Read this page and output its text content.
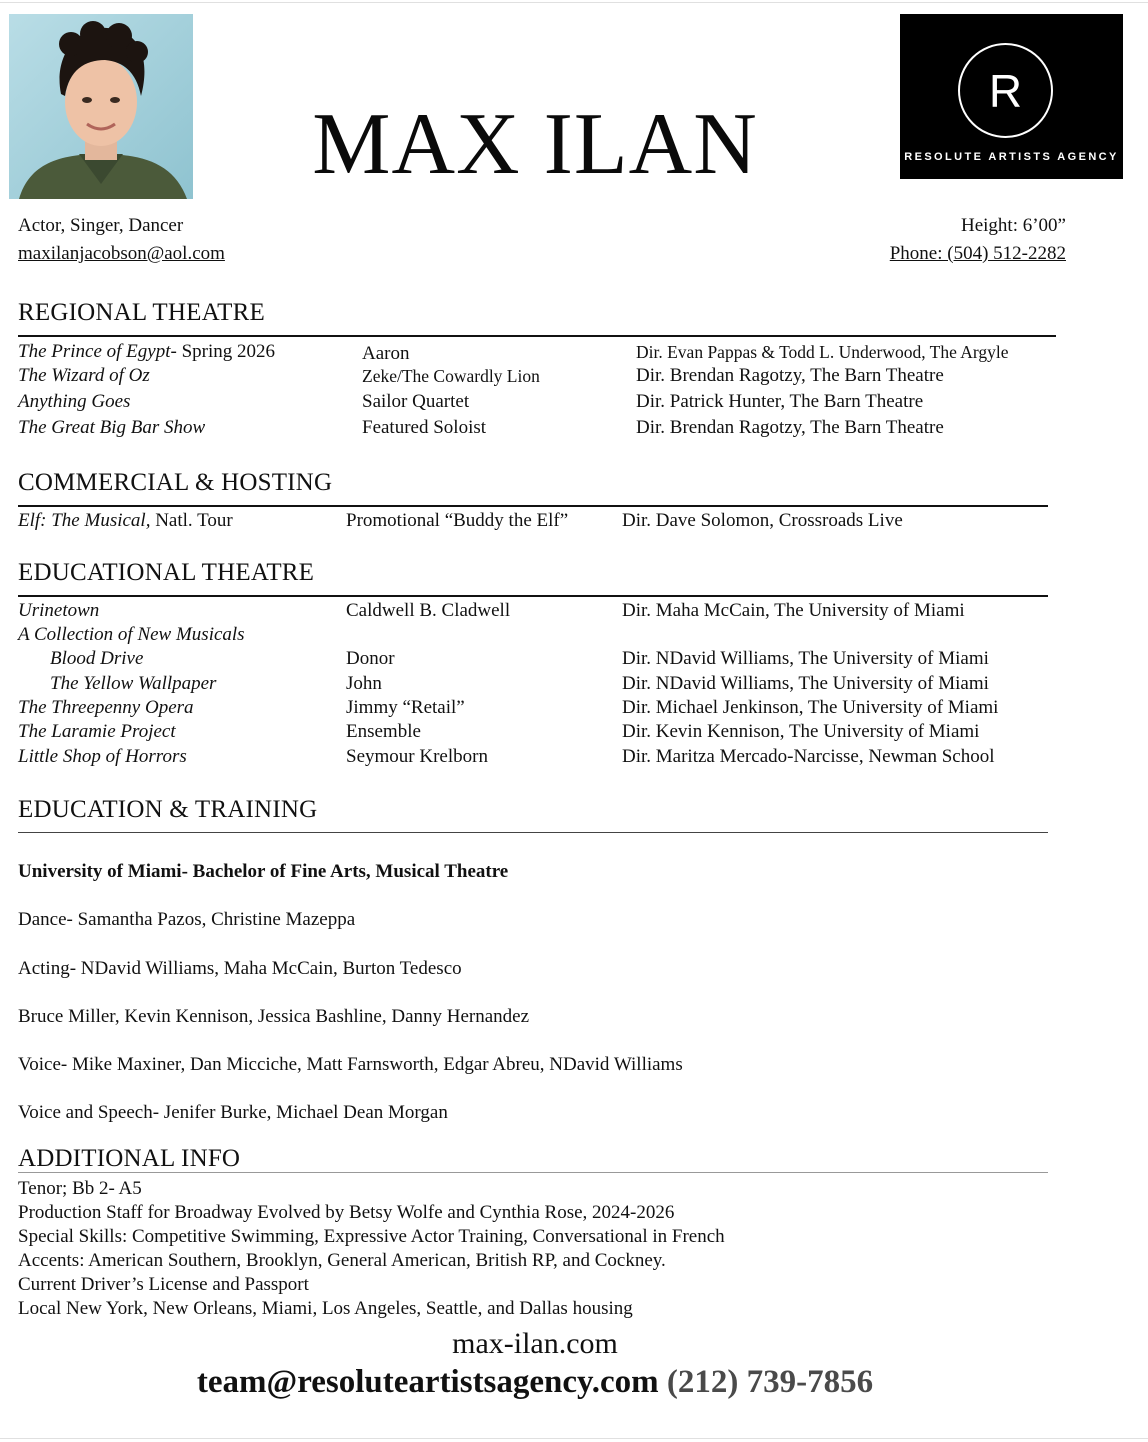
MAX ILAN
R
RESOLUTE ARTISTS AGENCY
Actor, Singer, Dancer
maxilanjacobson@aol.com
Height: 6’00”
Phone: (504) 512-2282
REGIONAL THEATRE
The Prince of Egypt- Spring 2026	Aaron	Dir. Evan Pappas & Todd L. Underwood, The Argyle
The Wizard of Oz	Zeke/The Cowardly Lion	Dir. Brendan Ragotzy, The Barn Theatre
Anything Goes	Sailor Quartet	Dir. Patrick Hunter, The Barn Theatre
The Great Big Bar Show	Featured Soloist	Dir. Brendan Ragotzy, The Barn Theatre
COMMERCIAL & HOSTING
Elf: The Musical, Natl. Tour	Promotional “Buddy the Elf”	Dir. Dave Solomon, Crossroads Live
EDUCATIONAL THEATRE
Urinetown	Caldwell B. Cladwell	Dir. Maha McCain, The University of Miami
A Collection of New Musicals
Blood Drive	Donor	Dir. NDavid Williams, The University of Miami
The Yellow Wallpaper	John	Dir. NDavid Williams, The University of Miami
The Threepenny Opera	Jimmy “Retail”	Dir. Michael Jenkinson, The University of Miami
The Laramie Project	Ensemble	Dir. Kevin Kennison, The University of Miami
Little Shop of Horrors	Seymour Krelborn	Dir. Maritza Mercado-Narcisse, Newman School
EDUCATION & TRAINING
University of Miami- Bachelor of Fine Arts, Musical Theatre
Dance- Samantha Pazos, Christine Mazeppa
Acting- NDavid Williams, Maha McCain, Burton Tedesco
Bruce Miller, Kevin Kennison, Jessica Bashline, Danny Hernandez
Voice- Mike Maxiner, Dan Micciche, Matt Farnsworth, Edgar Abreu, NDavid Williams
Voice and Speech- Jenifer Burke, Michael Dean Morgan
ADDITIONAL INFO
Tenor; Bb 2- A5
Production Staff for Broadway Evolved by Betsy Wolfe and Cynthia Rose, 2024-2026
Special Skills: Competitive Swimming, Expressive Actor Training, Conversational in French
Accents: American Southern, Brooklyn, General American, British RP, and Cockney.
Current Driver’s License and Passport
Local New York, New Orleans, Miami, Los Angeles, Seattle, and Dallas housing
max-ilan.com
team@resoluteartistsagency.com (212) 739-7856
